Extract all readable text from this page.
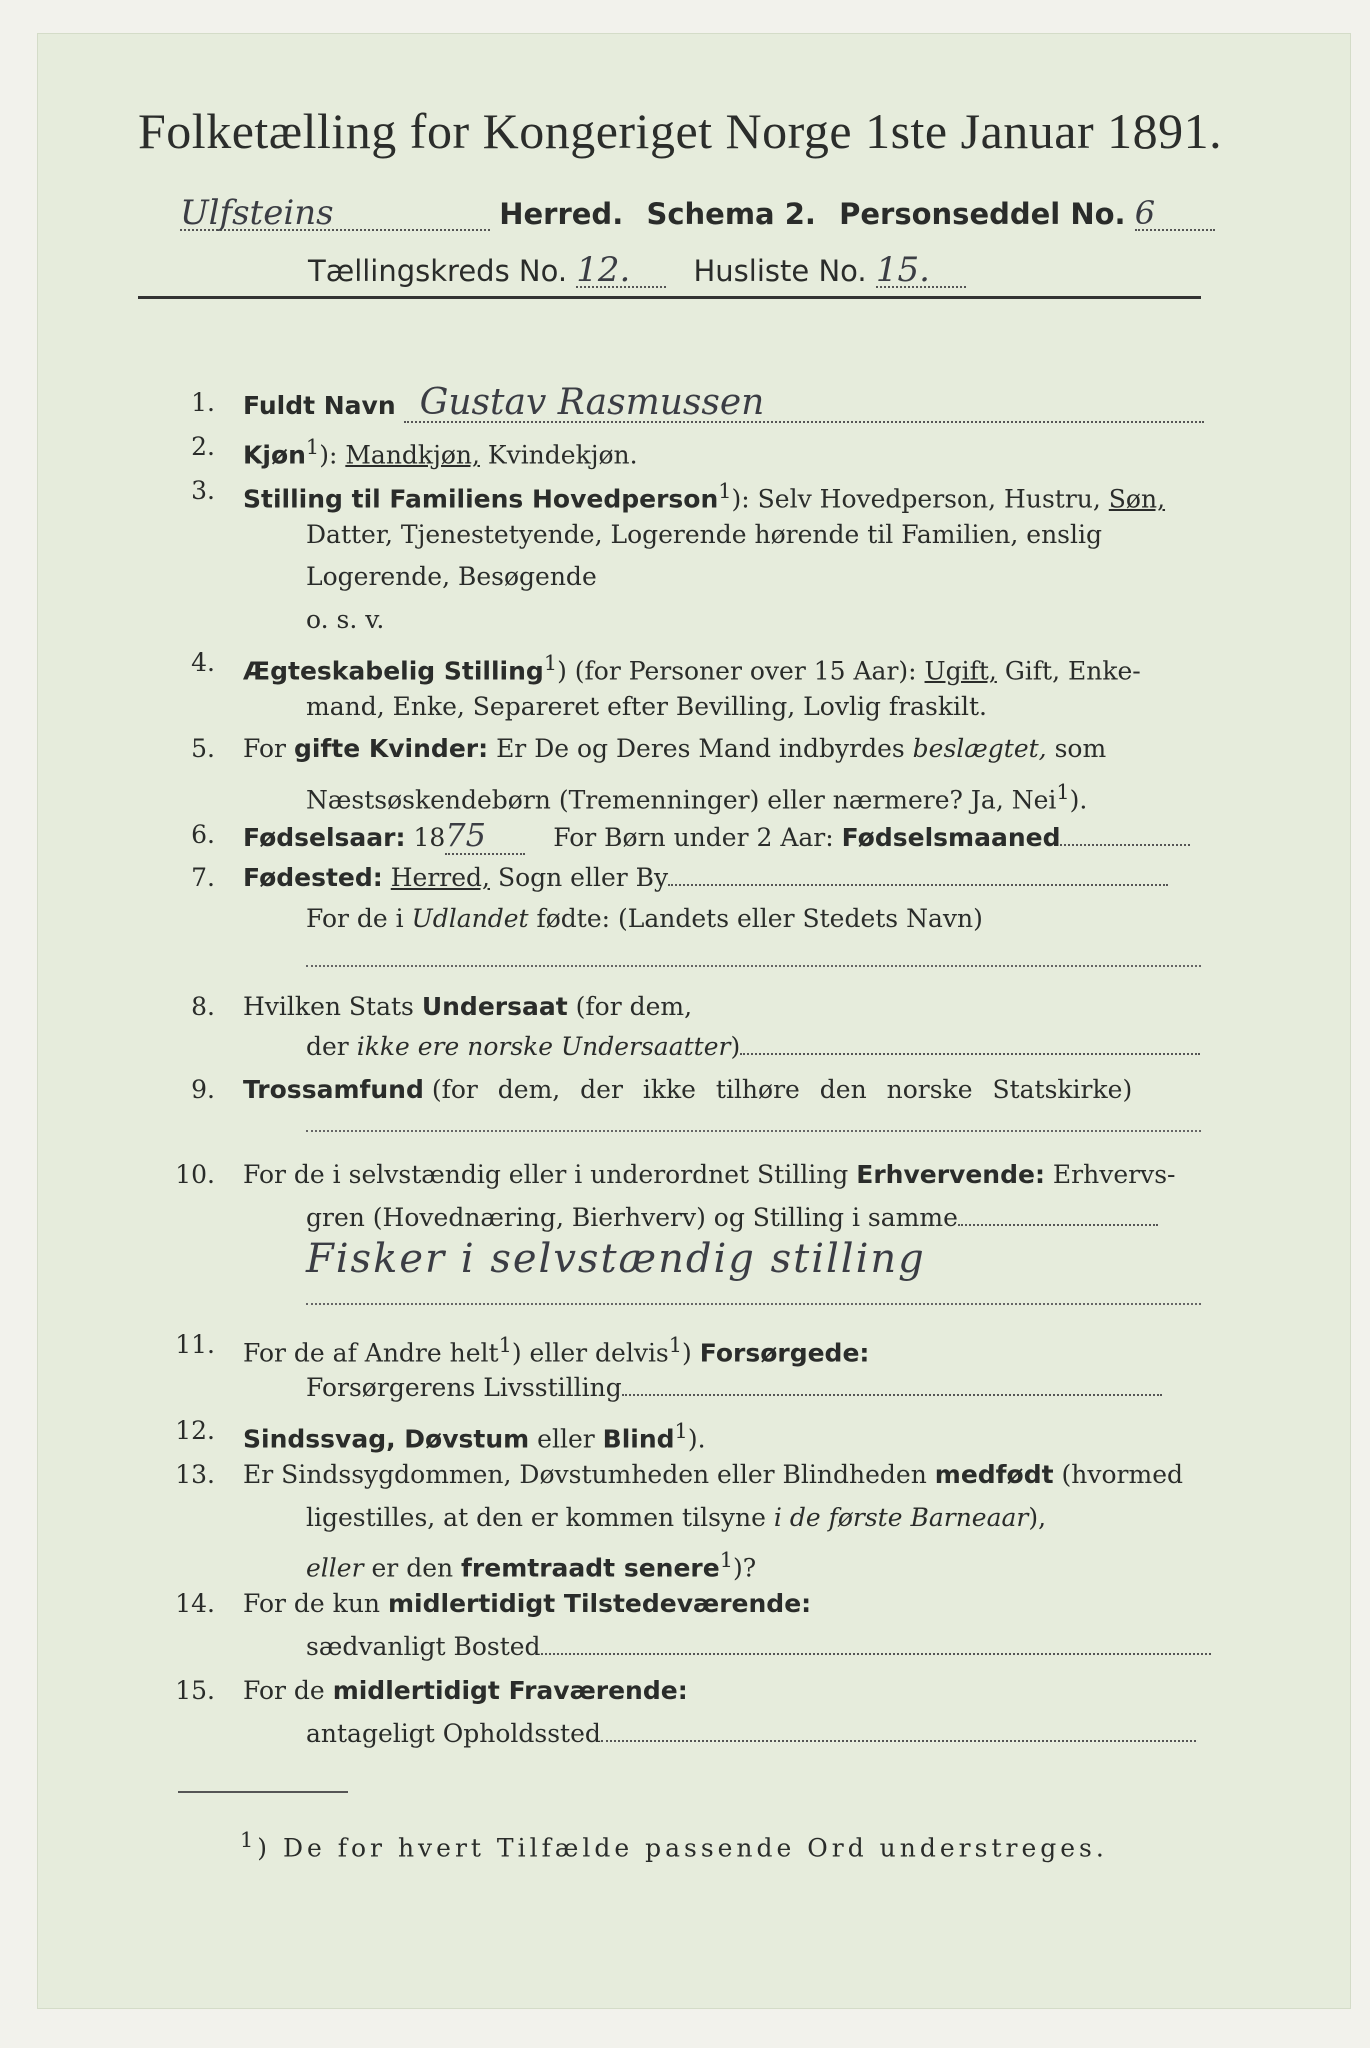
Folketælling for Kongeriget Norge 1ste Januar 1891.
Ulfsteins	Herred. Schema 2. Personseddel No. 6
Tællingskreds No. 12. Husliste No. 15.
1. Fuldt Navn Gustav Rasmussen
2. Kjøn$^1$): Mandkjøn, Kvindekjøn.
3. Stilling til Familiens Hovedperson$^1$): Selv Hovedperson, Hustru, Søn,
Datter, Tjenestetyende, Logerende hørende til Familien, enslig
Logerende, Besøgende
o. s. v.
4. Ægteskabelig Stilling$^1$) (for Personer over 15 Aar): Ugift, Gift, Enke-
mand, Enke, Separeret efter Bevilling, Lovlig fraskilt.
5. For gifte Kvinder: Er De og Deres Mand indbyrdes beslægtet, som
Næstsøskendebørn (Tremenninger) eller nærmere? Ja, Nei$^1$).
6. Fødselsaar: 1875	For Børn under 2 Aar: Fødselsmaaned
7. Fødested: Herred, Sogn eller By
For de i Udlandet fødte: (Landets eller Stedets Navn)
8. Hvilken Stats Undersaat (for dem,
der ikke ere norske Undersaatter)
9. Trossamfund (for dem, der ikke tilhøre den norske Statskirke)
10. For de i selvstændig eller i underordnet Stilling Erhvervende: Erhvervs-
gren (Hovednæring, Bierhverv) og Stilling i samme
Fisker i selvstændig stilling
11. For de af Andre helt$^1$) eller delvis$^1$) Forsørgede:
Forsørgerens Livsstilling
12. Sindssvag, Døvstum eller Blind$^1$).
13. Er Sindssygdommen, Døvstumheden eller Blindheden medfødt (hvormed
ligestilles, at den er kommen tilsyne i de første Barneaar),
eller er den fremtraadt senere$^1$)?
14. For de kun midlertidigt Tilstedeværende:
sædvanligt Bosted
15. For de midlertidigt Fraværende:
antageligt Opholdssted
$^1$) De for hvert Tilfælde passende Ord understreges.
